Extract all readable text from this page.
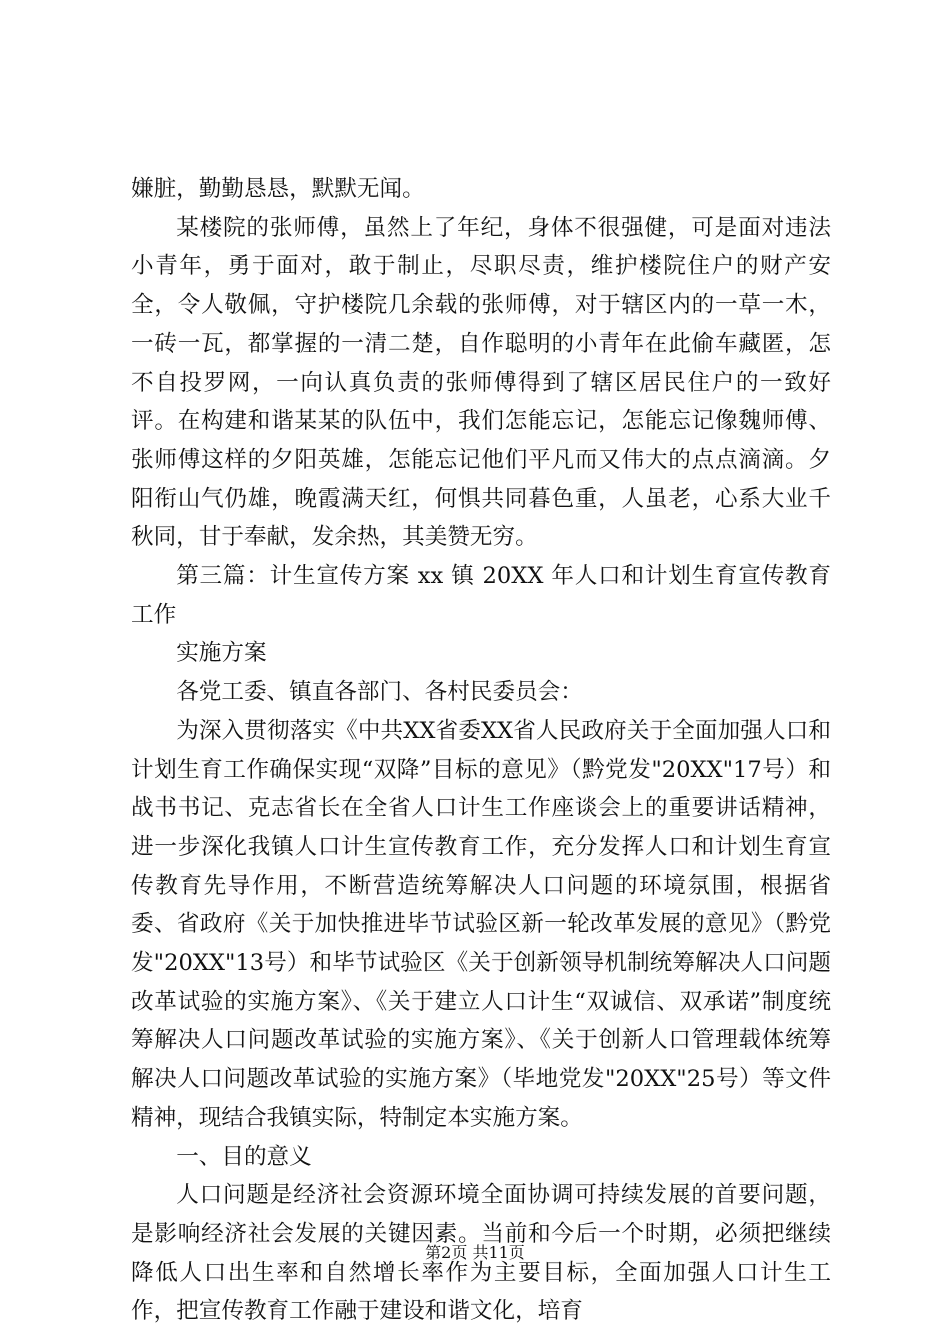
嫌脏，勤勤恳恳，默默无闻。

某楼院的张师傅，虽然上了年纪，身体不很强健，可是面对违法小青年，勇于面对，敢于制止，尽职尽责，维护楼院住户的财产安全，令人敬佩，守护楼院几余载的张师傅，对于辖区内的一草一木，一砖一瓦，都掌握的一清二楚，自作聪明的小青年在此偷车藏匿，怎不自投罗网，一向认真负责的张师傅得到了辖区居民住户的一致好评。在构建和谐某某的队伍中，我们怎能忘记，怎能忘记像魏师傅、张师傅这样的夕阳英雄，怎能忘记他们平凡而又伟大的点点滴滴。夕阳衔山气仍雄，晚霞满天红，何惧共同暮色重，人虽老，心系大业千秋同，甘于奉献，发余热，其美赞无穷。

第三篇：计生宣传方案 xx 镇 20XX 年人口和计划生育宣传教育工作

实施方案

各党工委、镇直各部门、各村民委员会：

为深入贯彻落实《中共XX省委XX省人民政府关于全面加强人口和计划生育工作确保实现“双降”目标的意见》（黔党发"20XX"17号）和战书书记、克志省长在全省人口计生工作座谈会上的重要讲话精神，进一步深化我镇人口计生宣传教育工作，充分发挥人口和计划生育宣传教育先导作用，不断营造统筹解决人口问题的环境氛围，根据省委、省政府《关于加快推进毕节试验区新一轮改革发展的意见》（黔党发"20XX"13号）和毕节试验区《关于创新领导机制统筹解决人口问题改革试验的实施方案》、《关于建立人口计生“双诚信、双承诺”制度统筹解决人口问题改革试验的实施方案》、《关于创新人口管理载体统筹解决人口问题改革试验的实施方案》（毕地党发"20XX"25号）等文件精神，现结合我镇实际，特制定本实施方案。

一、目的意义

人口问题是经济社会资源环境全面协调可持续发展的首要问题，是影响经济社会发展的关键因素。当前和今后一个时期，必须把继续降低人口出生率和自然增长率作为主要目标，全面加强人口计生工作，把宣传教育工作融于建设和谐文化，培育

第2页 共11页
